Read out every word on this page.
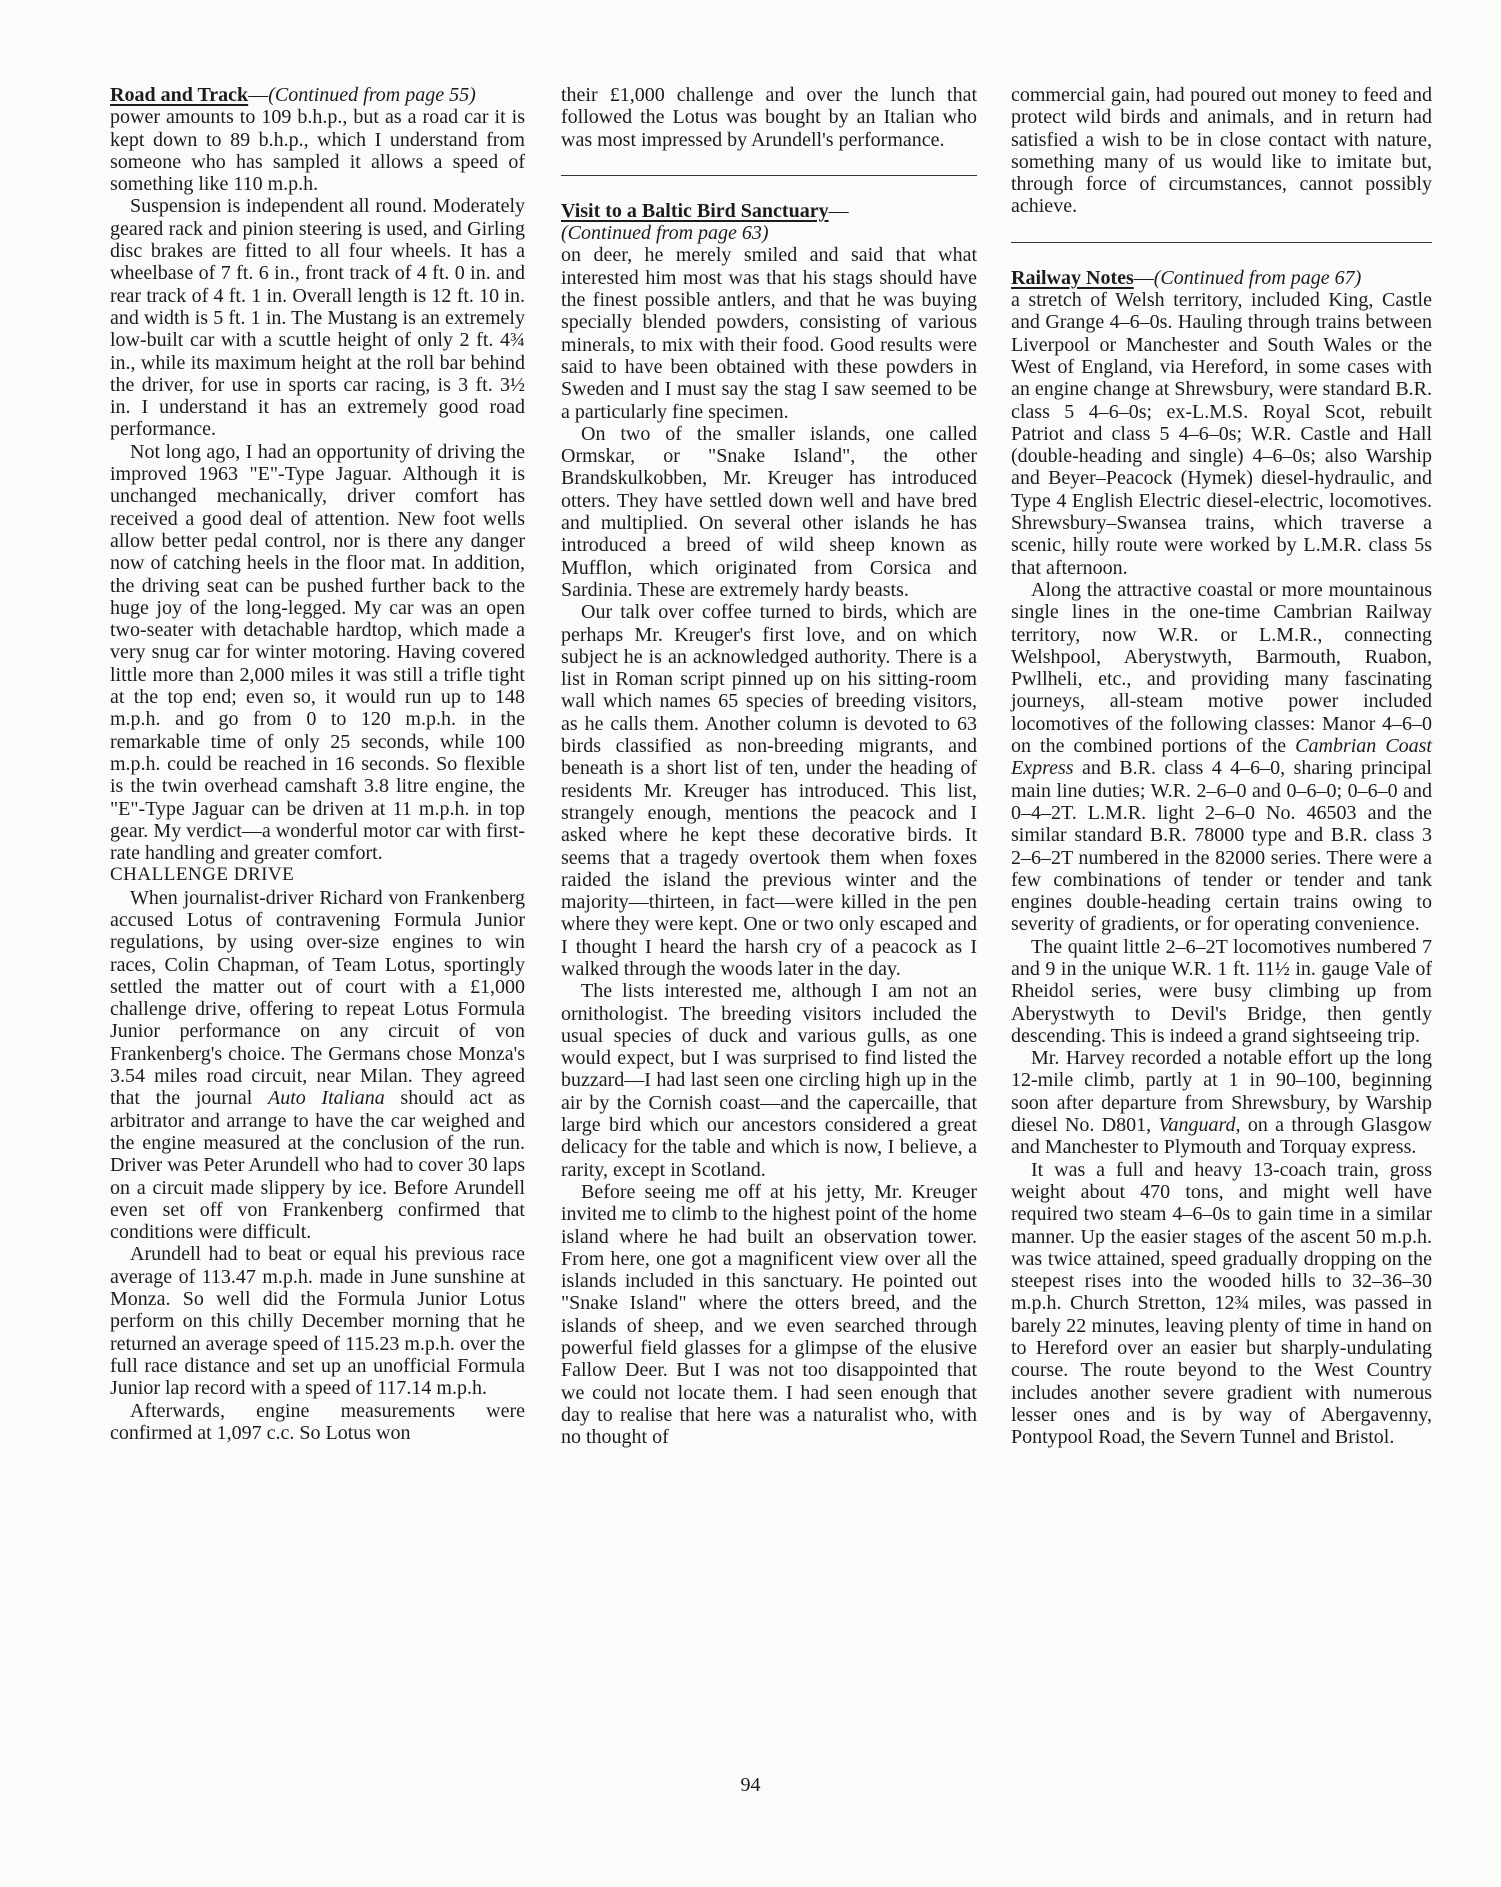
Road and Track—(Continued from page 55)

power amounts to 109 b.h.p., but as a road car it is kept down to 89 b.h.p., which I understand from someone who has sampled it allows a speed of something like 110 m.p.h.

Suspension is independent all round. Moderately geared rack and pinion steering is used, and Girling disc brakes are fitted to all four wheels. It has a wheelbase of 7 ft. 6 in., front track of 4 ft. 0 in. and rear track of 4 ft. 1 in. Overall length is 12 ft. 10 in. and width is 5 ft. 1 in. The Mustang is an extremely low-built car with a scuttle height of only 2 ft. 4¾ in., while its maximum height at the roll bar behind the driver, for use in sports car racing, is 3 ft. 3½ in. I understand it has an extremely good road performance.

Not long ago, I had an opportunity of driving the improved 1963 "E"-Type Jaguar. Although it is unchanged mechanically, driver comfort has received a good deal of attention. New foot wells allow better pedal control, nor is there any danger now of catching heels in the floor mat. In addition, the driving seat can be pushed further back to the huge joy of the long-legged. My car was an open two-seater with detachable hardtop, which made a very snug car for winter motoring. Having covered little more than 2,000 miles it was still a trifle tight at the top end; even so, it would run up to 148 m.p.h. and go from 0 to 120 m.p.h. in the remarkable time of only 25 seconds, while 100 m.p.h. could be reached in 16 seconds. So flexible is the twin overhead camshaft 3.8 litre engine, the "E"-Type Jaguar can be driven at 11 m.p.h. in top gear. My verdict—a wonderful motor car with first-rate handling and greater comfort.

CHALLENGE DRIVE

When journalist-driver Richard von Frankenberg accused Lotus of contravening Formula Junior regulations, by using over-size engines to win races, Colin Chapman, of Team Lotus, sportingly settled the matter out of court with a £1,000 challenge drive, offering to repeat Lotus Formula Junior performance on any circuit of von Frankenberg's choice. The Germans chose Monza's 3.54 miles road circuit, near Milan. They agreed that the journal Auto Italiana should act as arbitrator and arrange to have the car weighed and the engine measured at the conclusion of the run. Driver was Peter Arundell who had to cover 30 laps on a circuit made slippery by ice. Before Arundell even set off von Frankenberg confirmed that conditions were difficult.

Arundell had to beat or equal his previous race average of 113.47 m.p.h. made in June sunshine at Monza. So well did the Formula Junior Lotus perform on this chilly December morning that he returned an average speed of 115.23 m.p.h. over the full race distance and set up an unofficial Formula Junior lap record with a speed of 117.14 m.p.h.

Afterwards, engine measurements were confirmed at 1,097 c.c. So Lotus won

their £1,000 challenge and over the lunch that followed the Lotus was bought by an Italian who was most impressed by Arundell's performance.

Visit to a Baltic Bird Sanctuary—

(Continued from page 63)

on deer, he merely smiled and said that what interested him most was that his stags should have the finest possible antlers, and that he was buying specially blended powders, consisting of various minerals, to mix with their food. Good results were said to have been obtained with these powders in Sweden and I must say the stag I saw seemed to be a particularly fine specimen.

On two of the smaller islands, one called Ormskar, or "Snake Island", the other Brandskulkobben, Mr. Kreuger has introduced otters. They have settled down well and have bred and multiplied. On several other islands he has introduced a breed of wild sheep known as Mufflon, which originated from Corsica and Sardinia. These are extremely hardy beasts.

Our talk over coffee turned to birds, which are perhaps Mr. Kreuger's first love, and on which subject he is an acknowledged authority. There is a list in Roman script pinned up on his sitting-room wall which names 65 species of breeding visitors, as he calls them. Another column is devoted to 63 birds classified as non-breeding migrants, and beneath is a short list of ten, under the heading of residents Mr. Kreuger has introduced. This list, strangely enough, mentions the peacock and I asked where he kept these decorative birds. It seems that a tragedy overtook them when foxes raided the island the previous winter and the majority—thirteen, in fact—were killed in the pen where they were kept. One or two only escaped and I thought I heard the harsh cry of a peacock as I walked through the woods later in the day.

The lists interested me, although I am not an ornithologist. The breeding visitors included the usual species of duck and various gulls, as one would expect, but I was surprised to find listed the buzzard—I had last seen one circling high up in the air by the Cornish coast—and the capercaille, that large bird which our ancestors considered a great delicacy for the table and which is now, I believe, a rarity, except in Scotland.

Before seeing me off at his jetty, Mr. Kreuger invited me to climb to the highest point of the home island where he had built an observation tower. From here, one got a magnificent view over all the islands included in this sanctuary. He pointed out "Snake Island" where the otters breed, and the islands of sheep, and we even searched through powerful field glasses for a glimpse of the elusive Fallow Deer. But I was not too disappointed that we could not locate them. I had seen enough that day to realise that here was a naturalist who, with no thought of

commercial gain, had poured out money to feed and protect wild birds and animals, and in return had satisfied a wish to be in close contact with nature, something many of us would like to imitate but, through force of circumstances, cannot possibly achieve.

Railway Notes—(Continued from page 67)

a stretch of Welsh territory, included King, Castle and Grange 4–6–0s. Hauling through trains between Liverpool or Manchester and South Wales or the West of England, via Hereford, in some cases with an engine change at Shrewsbury, were standard B.R. class 5 4–6–0s; ex-L.M.S. Royal Scot, rebuilt Patriot and class 5 4–6–0s; W.R. Castle and Hall (double-heading and single) 4–6–0s; also Warship and Beyer–Peacock (Hymek) diesel-hydraulic, and Type 4 English Electric diesel-electric, locomotives. Shrewsbury–Swansea trains, which traverse a scenic, hilly route were worked by L.M.R. class 5s that afternoon.

Along the attractive coastal or more mountainous single lines in the one-time Cambrian Railway territory, now W.R. or L.M.R., connecting Welshpool, Aberystwyth, Barmouth, Ruabon, Pwllheli, etc., and providing many fascinating journeys, all-steam motive power included locomotives of the following classes: Manor 4–6–0 on the combined portions of the Cambrian Coast Express and B.R. class 4 4–6–0, sharing principal main line duties; W.R. 2–6–0 and 0–6–0; 0–6–0 and 0–4–2T. L.M.R. light 2–6–0 No. 46503 and the similar standard B.R. 78000 type and B.R. class 3 2–6–2T numbered in the 82000 series. There were a few combinations of tender or tender and tank engines double-heading certain trains owing to severity of gradients, or for operating convenience.

The quaint little 2–6–2T locomotives numbered 7 and 9 in the unique W.R. 1 ft. 11½ in. gauge Vale of Rheidol series, were busy climbing up from Aberystwyth to Devil's Bridge, then gently descending. This is indeed a grand sightseeing trip.

Mr. Harvey recorded a notable effort up the long 12-mile climb, partly at 1 in 90–100, beginning soon after departure from Shrewsbury, by Warship diesel No. D801, Vanguard, on a through Glasgow and Manchester to Plymouth and Torquay express.

It was a full and heavy 13-coach train, gross weight about 470 tons, and might well have required two steam 4–6–0s to gain time in a similar manner. Up the easier stages of the ascent 50 m.p.h. was twice attained, speed gradually dropping on the steepest rises into the wooded hills to 32–36–30 m.p.h. Church Stretton, 12¾ miles, was passed in barely 22 minutes, leaving plenty of time in hand on to Hereford over an easier but sharply-undulating course. The route beyond to the West Country includes another severe gradient with numerous lesser ones and is by way of Abergavenny, Pontypool Road, the Severn Tunnel and Bristol.

94
